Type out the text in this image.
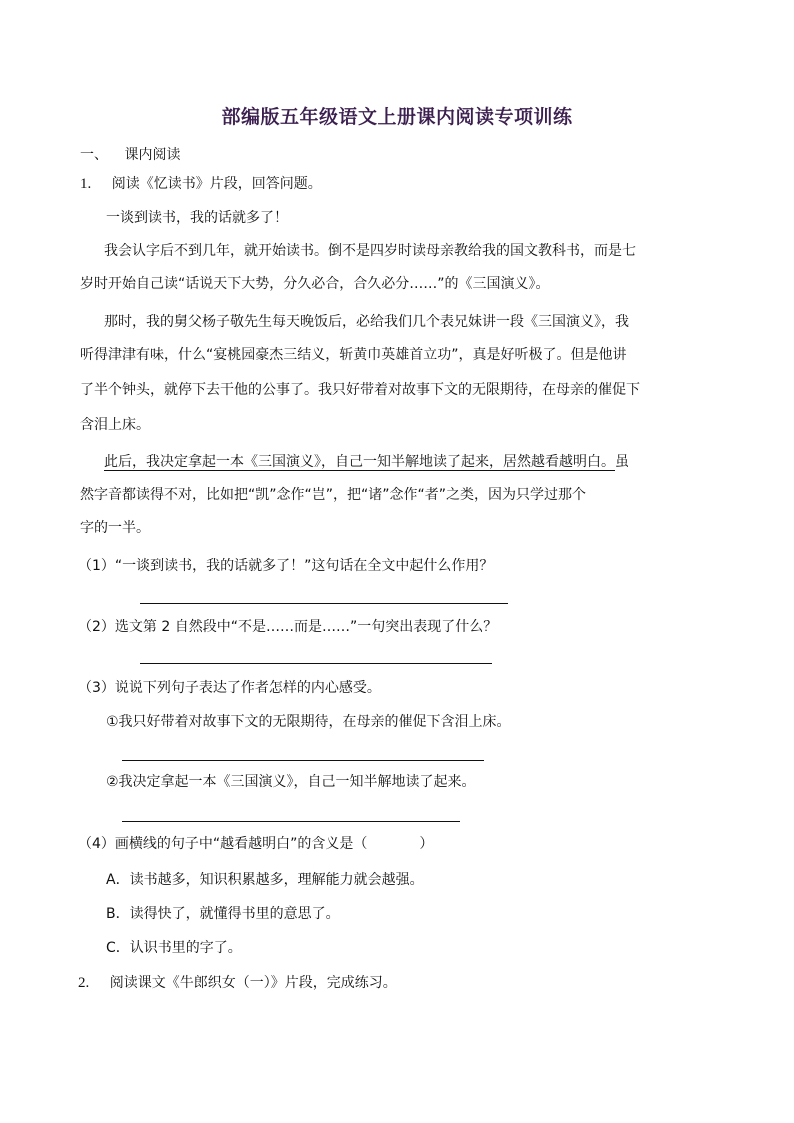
部编版五年级语文上册课内阅读专项训练
一、 课内阅读
1. 阅读《忆读书》片段，回答问题。
一谈到读书，我的话就多了！
我会认字后不到几年，就开始读书。倒不是四岁时读母亲教给我的国文教科书，而是七
岁时开始自己读“话说天下大势，分久必合，合久必分……”的《三国演义》。
那时，我的舅父杨子敬先生每天晚饭后，必给我们几个表兄妹讲一段《三国演义》，我
听得津津有味，什么“宴桃园豪杰三结义，斩黄巾英雄首立功”，真是好听极了。但是他讲
了半个钟头，就停下去干他的公事了。我只好带着对故事下文的无限期待，在母亲的催促下
含泪上床。
此后，我决定拿起一本《三国演义》，自己一知半解地读了起来，居然越看越明白。虽
然字音都读得不对，比如把“凯”念作“岂”，把“诸”念作“者”之类，因为只学过那个
字的一半。
（1）“一谈到读书，我的话就多了！”这句话在全文中起什么作用？
（2）选文第 2 自然段中“不是……而是……”一句突出表现了什么？
（3）说说下列句子表达了作者怎样的内心感受。
①我只好带着对故事下文的无限期待，在母亲的催促下含泪上床。
②我决定拿起一本《三国演义》，自己一知半解地读了起来。
（4）画横线的句子中“越看越明白”的含义是（	）
A．读书越多，知识积累越多，理解能力就会越强。
B．读得快了，就懂得书里的意思了。
C．认识书里的字了。
2. 阅读课文《牛郎织女（一）》片段，完成练习。
